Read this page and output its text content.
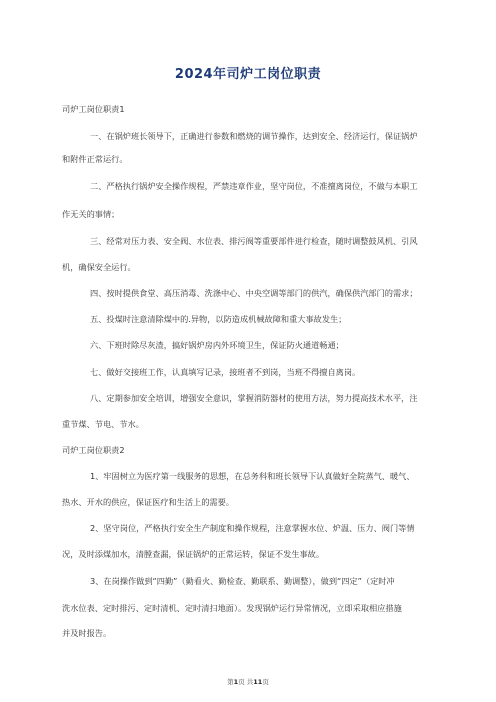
2024年司炉工岗位职责
司炉工岗位职责1
一、在锅炉班长领导下，正确进行参数和燃烧的调节操作，达到安全、经济运行，保证锅炉
和附件正常运行。
二、严格执行锅炉安全操作规程，严禁违章作业，坚守岗位，不准擅离岗位，不做与本职工
作无关的事情；
三、经常对压力表、安全阀、水位表、排污阀等重要部件进行检查，随时调整鼓风机、引风
机，确保安全运行。
四、按时提供食堂、高压消毒、洗涤中心、中央空调等部门的供汽，确保供汽部门的需求；
五、投煤时注意清除煤中的.异物，以防造成机械故障和重大事故发生；
六、下班时除尽灰渣，搞好锅炉房内外环境卫生，保证防火通道畅通；
七、做好交接班工作，认真填写记录，接班者不到岗，当班不得擅自离岗。
八、定期参加安全培训，增强安全意识，掌握消防器材的使用方法，努力提高技术水平，注
重节煤、节电、节水。
司炉工岗位职责2
1、牢固树立为医疗第一线服务的思想，在总务科和班长领导下认真做好全院蒸气、暖气、
热水、开水的供应，保证医疗和生活上的需要。
2、坚守岗位，严格执行安全生产制度和操作规程，注意掌握水位、炉温、压力、阀门等情
况，及时添煤加水，清膛查漏，保证锅炉的正常运转，保证不发生事故。
3、在岗操作做到“四勤”（勤看火、勤检查、勤联系、勤调整），做到“四定”（定时冲
洗水位表、定时排污、定时清机、定时清扫地面）。发现锅炉运行异常情况，立即采取相应措施
并及时报告。
第1页 共11页
